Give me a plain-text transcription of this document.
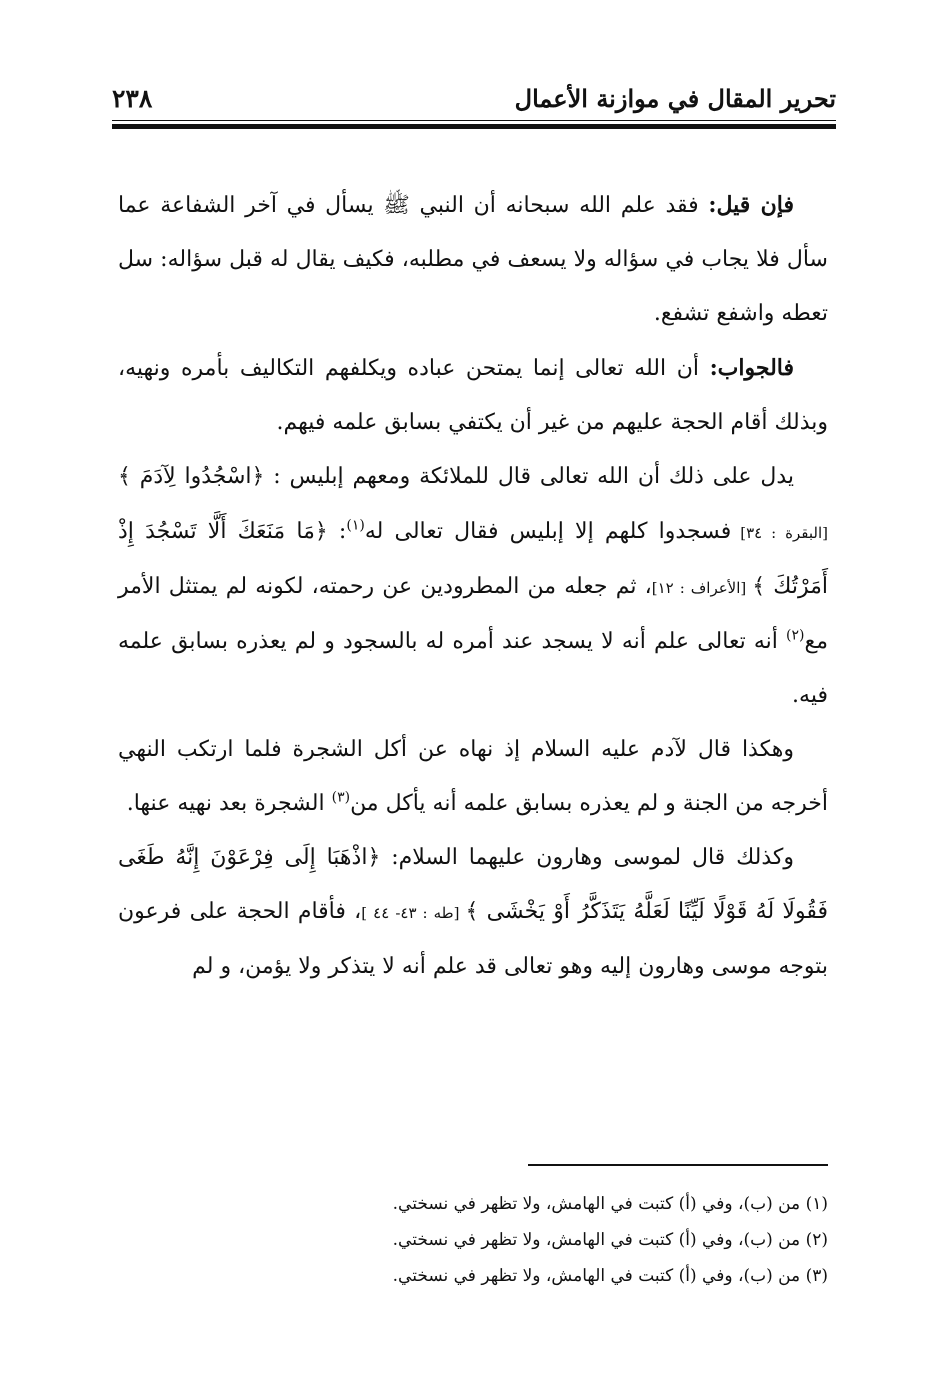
٢٣٨	تحرير المقال في موازنة الأعمال

فإن قيل: فقد علم الله سبحانه أن النبي ﷺ يسأل في آخر الشفاعة عما سأل فلا يجاب في سؤاله ولا يسعف في مطلبه، فكيف يقال له قبل سؤاله: سل تعطه واشفع تشفع.

فالجواب: أن الله تعالى إنما يمتحن عباده ويكلفهم التكاليف بأمره ونهيه، وبذلك أقام الحجة عليهم من غير أن يكتفي بسابق علمه فيهم.

يدل على ذلك أن الله تعالى قال للملائكة ومعهم إبليس : ﴿اسْجُدُوا لِآدَمَ ﴾ [البقرة : ٣٤] فسجدوا كلهم إلا إبليس فقال تعالى له$^{(١)}$: ﴿مَا مَنَعَكَ أَلَّا تَسْجُدَ إِذْ أَمَرْتُكَ ﴾ [الأعراف : ١٢]، ثم جعله من المطرودين عن رحمته، لكونه لم يمتثل الأمر مع$^{(٢)}$ أنه تعالى علم أنه لا يسجد عند أمره له بالسجود و لم يعذره بسابق علمه فيه.

وهكذا قال لآدم عليه السلام إذ نهاه عن أكل الشجرة فلما ارتكب النهي أخرجه من الجنة و لم يعذره بسابق علمه أنه يأكل من$^{(٣)}$ الشجرة بعد نهيه عنها.

وكذلك قال لموسى وهارون عليهما السلام: ﴿اذْهَبَا إِلَى فِرْعَوْنَ إِنَّهُ طَغَى فَقُولَا لَهُ قَوْلًا لَيِّنًا لَعَلَّهُ يَتَذَكَّرُ أَوْ يَخْشَى ﴾ [طه : ٤٣- ٤٤ ]، فأقام الحجة على فرعون بتوجه موسى وهارون إليه وهو تعالى قد علم أنه لا يتذكر ولا يؤمن، و لم

(١) من (ب)، وفي (أ) كتبت في الهامش، ولا تظهر في نسختي.
(٢) من (ب)، وفي (أ) كتبت في الهامش، ولا تظهر في نسختي.
(٣) من (ب)، وفي (أ) كتبت في الهامش، ولا تظهر في نسختي.
